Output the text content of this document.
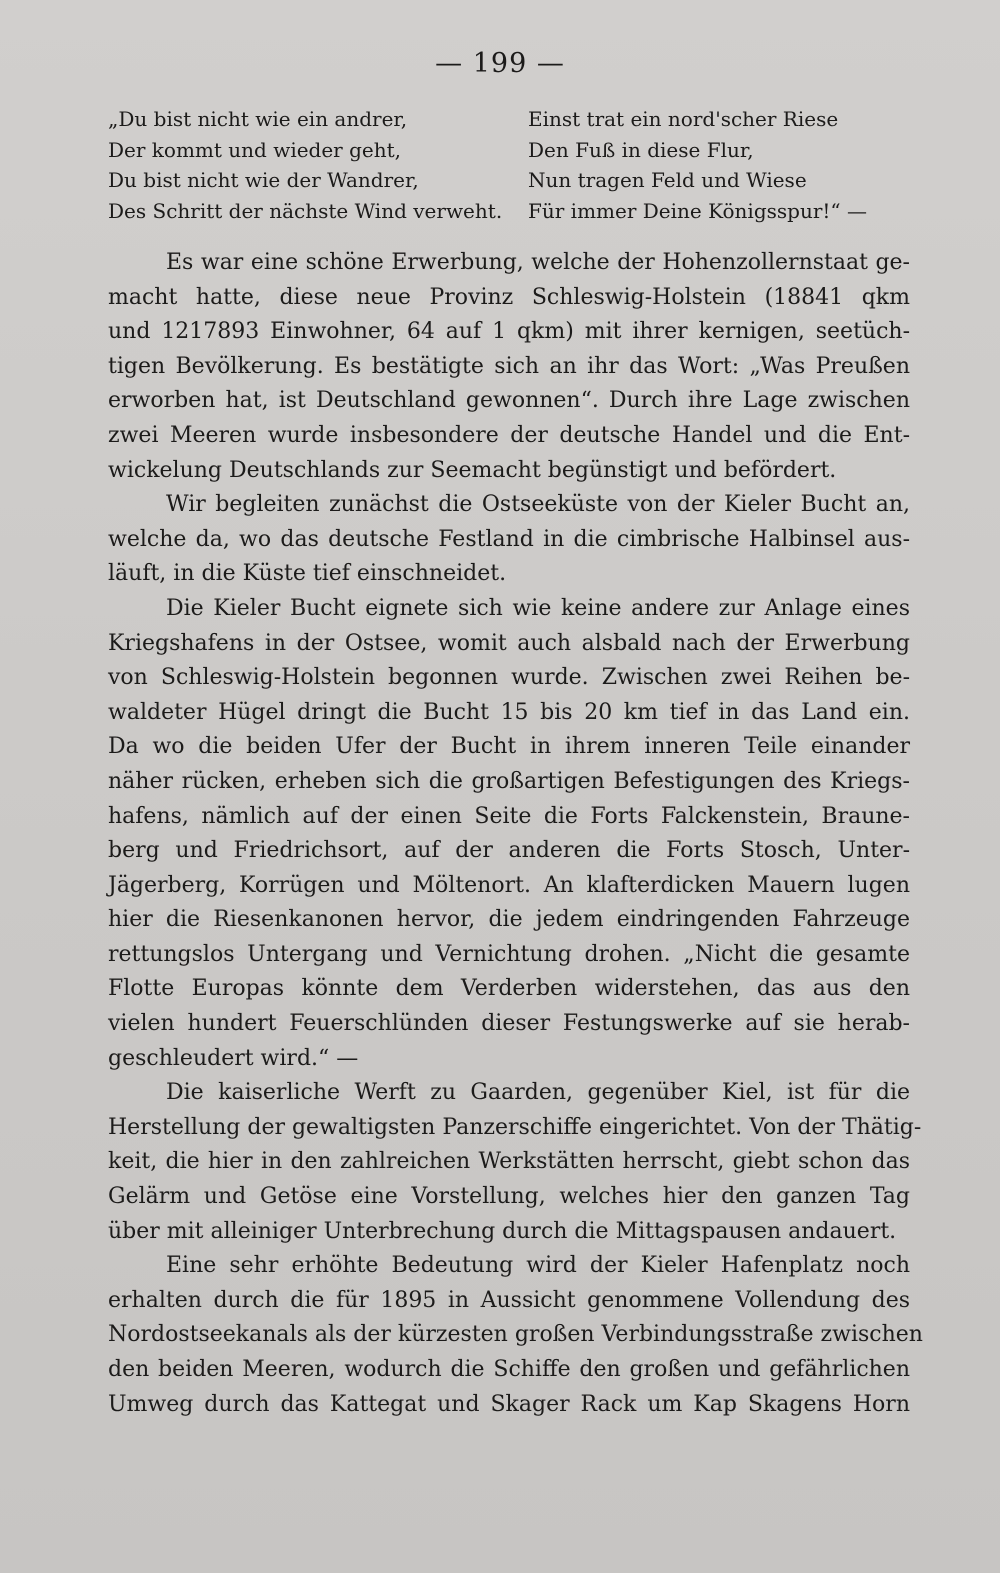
— 199 —
„Du bist nicht wie ein andrer,
Der kommt und wieder geht,
Du bist nicht wie der Wandrer,
Des Schritt der nächste Wind verweht.
Einst trat ein nord'scher Riese
Den Fuß in diese Flur,
Nun tragen Feld und Wiese
Für immer Deine Königsspur!“ —
Es war eine schöne Erwerbung, welche der Hohenzollernstaat ge-
macht hatte, diese neue Provinz Schleswig-Holstein (18841 qkm
und 1217893 Einwohner, 64 auf 1 qkm) mit ihrer kernigen, seetüch-
tigen Bevölkerung. Es bestätigte sich an ihr das Wort: „Was Preußen
erworben hat, ist Deutschland gewonnen“. Durch ihre Lage zwischen
zwei Meeren wurde insbesondere der deutsche Handel und die Ent-
wickelung Deutschlands zur Seemacht begünstigt und befördert.
Wir begleiten zunächst die Ostseeküste von der Kieler Bucht an,
welche da, wo das deutsche Festland in die cimbrische Halbinsel aus-
läuft, in die Küste tief einschneidet.
Die Kieler Bucht eignete sich wie keine andere zur Anlage eines
Kriegshafens in der Ostsee, womit auch alsbald nach der Erwerbung
von Schleswig-Holstein begonnen wurde. Zwischen zwei Reihen be-
waldeter Hügel dringt die Bucht 15 bis 20 km tief in das Land ein.
Da wo die beiden Ufer der Bucht in ihrem inneren Teile einander
näher rücken, erheben sich die großartigen Befestigungen des Kriegs-
hafens, nämlich auf der einen Seite die Forts Falckenstein, Braune-
berg und Friedrichsort, auf der anderen die Forts Stosch, Unter-
Jägerberg, Korrügen und Möltenort. An klafterdicken Mauern lugen
hier die Riesenkanonen hervor, die jedem eindringenden Fahrzeuge
rettungslos Untergang und Vernichtung drohen. „Nicht die gesamte
Flotte Europas könnte dem Verderben widerstehen, das aus den
vielen hundert Feuerschlünden dieser Festungswerke auf sie herab-
geschleudert wird.“ —
Die kaiserliche Werft zu Gaarden, gegenüber Kiel, ist für die
Herstellung der gewaltigsten Panzerschiffe eingerichtet. Von der Thätig-
keit, die hier in den zahlreichen Werkstätten herrscht, giebt schon das
Gelärm und Getöse eine Vorstellung, welches hier den ganzen Tag
über mit alleiniger Unterbrechung durch die Mittagspausen andauert.
Eine sehr erhöhte Bedeutung wird der Kieler Hafenplatz noch
erhalten durch die für 1895 in Aussicht genommene Vollendung des
Nordostseekanals als der kürzesten großen Verbindungsstraße zwischen
den beiden Meeren, wodurch die Schiffe den großen und gefährlichen
Umweg durch das Kattegat und Skager Rack um Kap Skagens Horn
